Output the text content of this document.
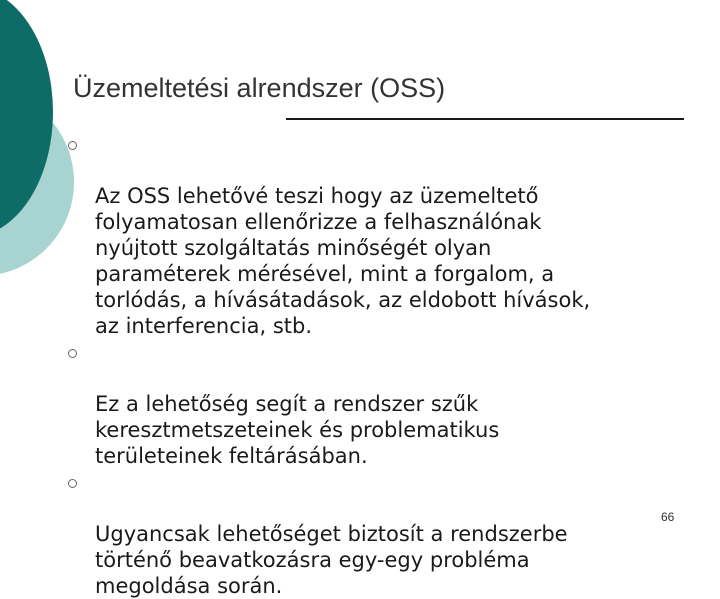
Üzemeltetési alrendszer (OSS)

Az OSS lehetővé teszi hogy az üzemeltető
folyamatosan ellenőrizze a felhasználónak
nyújtott szolgáltatás minőségét olyan
paraméterek mérésével, mint a forgalom, a
torlódás, a hívásátadások, az eldobott hívások,
az interferencia, stb.

Ez a lehetőség segít a rendszer szűk
keresztmetszeteinek és problematikus
területeinek feltárásában.

Ugyancsak lehetőséget biztosít a rendszerbe
történő beavatkozásra egy-egy probléma
megoldása során.

66
